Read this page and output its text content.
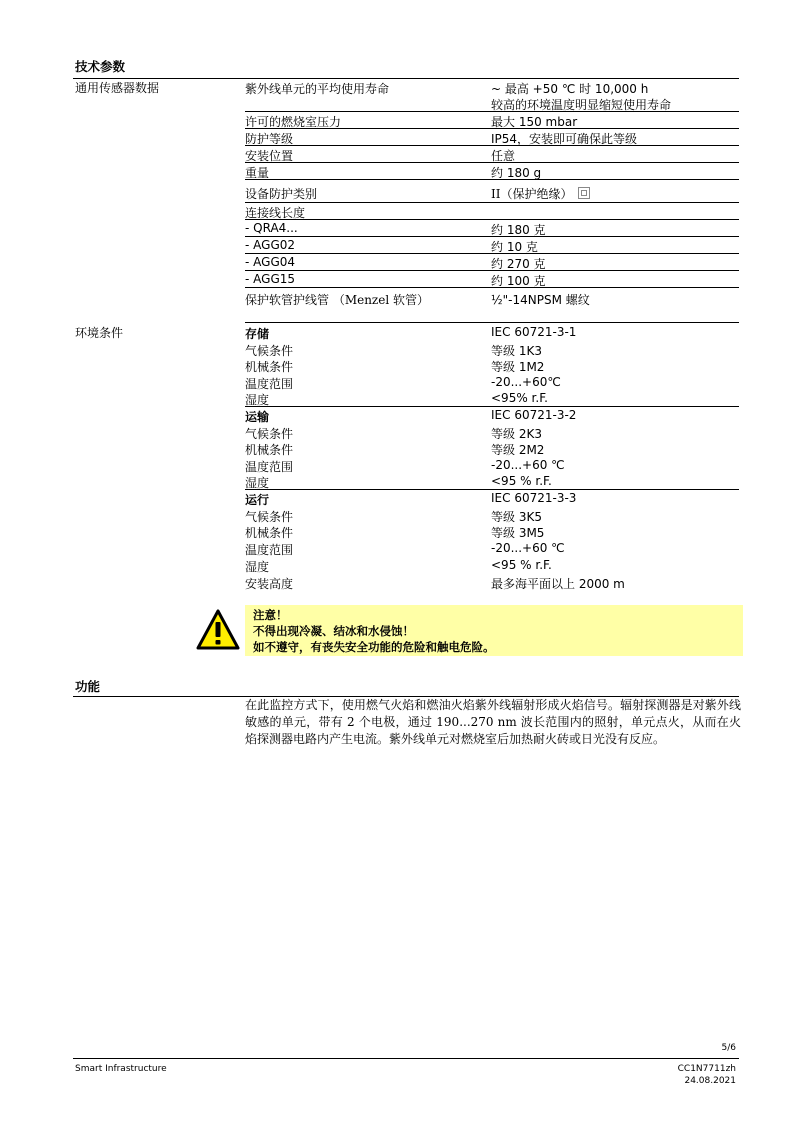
技术参数
通用传感器数据	紫外线单元的平均使用寿命	~ 最高 +50 ℃ 时 10,000 h
较高的环境温度明显缩短使用寿命
许可的燃烧室压力	最大 150 mbar
防护等级	IP54，安装即可确保此等级
安装位置	任意
重量	约 180 g
设备防护类别	II（保护绝缘）
连接线长度
- QRA4...	约 180 克
- AGG02	约 10 克
- AGG04	约 270 克
- AGG15	约 100 克
保护软管护线管 （Menzel 软管）	½"-14NPSM 螺纹
环境条件	存储	IEC 60721-3-1
气候条件	等级 1K3
机械条件	等级 1M2
温度范围	-20...+60℃
湿度	<95% r.F.
运输	IEC 60721-3-2
气候条件	等级 2K3
机械条件	等级 2M2
温度范围	-20...+60 ℃
湿度	<95 % r.F.
运行	IEC 60721-3-3
气候条件	等级 3K5
机械条件	等级 3M5
温度范围	-20...+60 ℃
湿度	<95 % r.F.
安装高度	最多海平面以上 2000 m
注意！
不得出现冷凝、结冰和水侵蚀！
如不遵守，有丧失安全功能的危险和触电危险。
功能
在此监控方式下，使用燃气火焰和燃油火焰紫外线辐射形成火焰信号。辐射探测器是对紫外线敏感的单元，带有 2 个电极，通过 190...270 nm 波长范围内的照射，单元点火，从而在火焰探测器电路内产生电流。紫外线单元对燃烧室后加热耐火砖或日光没有反应。
5/6
Smart Infrastructure	CC1N7711zh
24.08.2021
